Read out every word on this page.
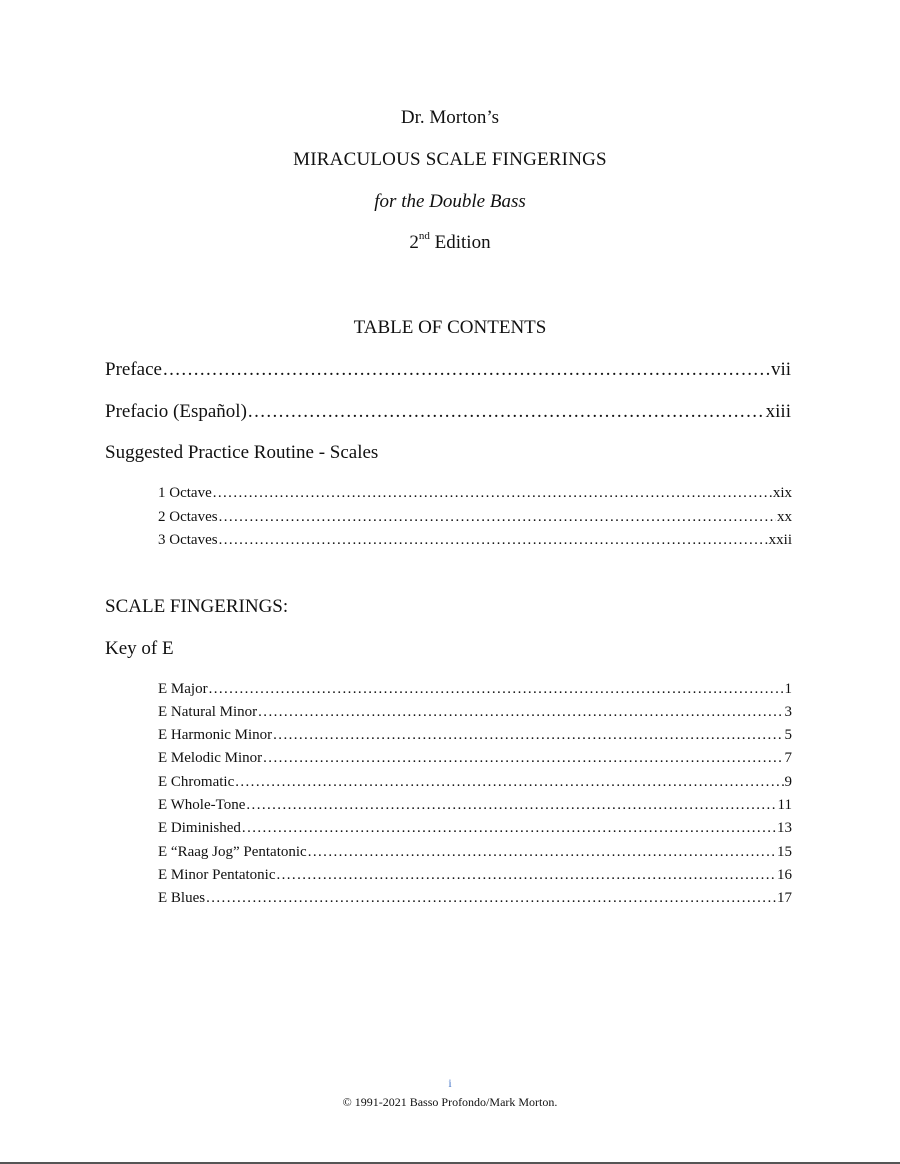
Dr. Morton’s
MIRACULOUS SCALE FINGERINGS
for the Double Bass
2nd Edition
TABLE OF CONTENTS
Preface .....	vii
Prefacio (Español) .....	xiii
Suggested Practice Routine - Scales
1 Octave .....	xix
2 Octaves .....	xx
3 Octaves .....	xxii
SCALE FINGERINGS:
Key of E
E Major .....	1
E Natural Minor .....	3
E Harmonic Minor .....	5
E Melodic Minor .....	7
E Chromatic .....	9
E Whole-Tone .....	11
E Diminished .....	13
E “Raag Jog” Pentatonic .....	15
E Minor Pentatonic .....	16
E Blues .....	17
i
© 1991-2021 Basso Profondo/Mark Morton.
